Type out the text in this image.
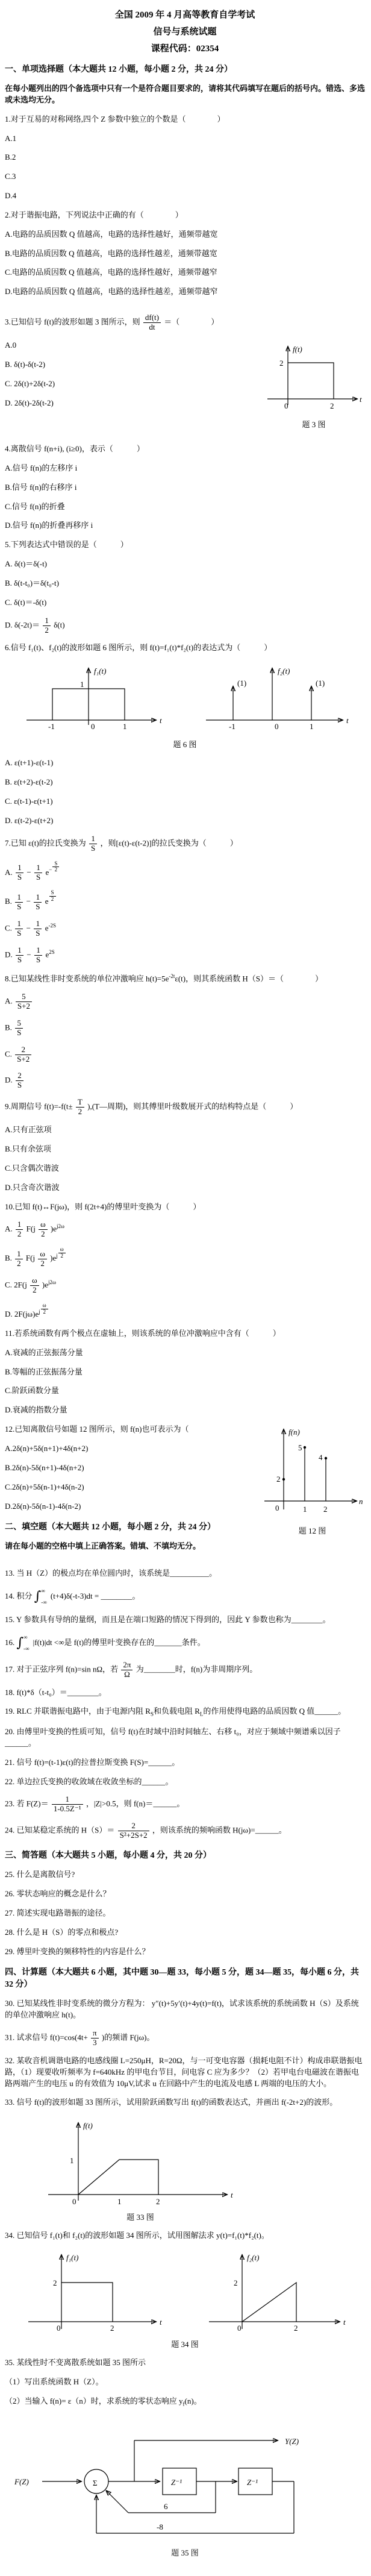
全国 2009 年 4 月高等教育自学考试
信号与系统试题
课程代码：02354
一、单项选择题（本大题共 12 小题，每小题 2 分，共 24 分）
在每小题列出的四个备选项中只有一个是符合题目要求的，请将其代码填写在题后的括号内。错选、多选或未选均无分。
1.对于互易的对称网络,四个 Z 参数中独立的个数是（　　　　）
A.1
B.2
C.3
D.4
2.对于谐振电路，下列说法中正确的有（　　　　）
A.电路的品质因数 Q 值越高，电路的选择性越好，通频带越宽
B.电路的品质因数 Q 值越高，电路的选择性越差，通频带越宽
C.电路的品质因数 Q 值越高，电路的选择性越好，通频带越窄
D.电路的品质因数 Q 值越高，电路的选择性越差，通频带越窄
3.已知信号 f(t)的波形如题 3 图所示，则 $\frac{df(t)}{dt}$ ＝（　　　　）
f(t)
2
0	2
t
题 3 图
A.0
B. δ(t)-δ(t-2)
C. 2δ(t)+2δ(t-2)
D. 2δ(t)-2δ(t-2)
4.离散信号 f(n+i), (i≥0)，表示（　　　）
A.信号 f(n)的左移序 i
B.信号 f(n)的右移序 i
C.信号 f(n)的折叠
D.信号 f(n)的折叠再移序 i
5.下列表达式中错误的是（　　　）
A. δ(t)＝δ(-t)
B. δ(t-t₀)＝δ(t₀-t)
C. δ(t)＝-δ(t)
D. $\delta(-2t)= \frac{1}{2} \delta(t)$
6.信号 f₁(t)、f₂(t)的波形如题 6 图所示，则 f(t)=f₁(t)*f₂(t)的表达式为（　　　）
f₁(t)
1
-1	0	1
t
f₂(t)
(1)	(1)
-1	0	1
t
题 6 图
A. ε(t+1)-ε(t-1)
B. ε(t+2)-ε(t-2)
C. ε(t-1)-ε(t+1)
D. ε(t-2)-ε(t+2)
7.已知 ε(t)的拉氏变换为 $\frac{1}{S}$ ，则[ε(t)-ε(t-2)]的拉氏变换为（　　　）
A. $\frac{1}{S} - \frac{1}{S} e^{- \frac{S}{2}}$
B. $\frac{1}{S} - \frac{1}{S}$ e $^{\frac{S}{2}}$
C. $\frac{1}{S} - \frac{1}{S} e^{-2S}$
D. $\frac{1}{S} - \frac{1}{S} e^{2S}$
8.已知某线性非时变系统的单位冲激响应 $h(t)=5e^{-2t}\varepsilon(t)$，则其系统函数 H（S）＝（　　　　）
A. $\frac{5}{S+2}$
B. $\frac{5}{S}$
C. $\frac{2}{S+2}$
D. $\frac{2}{S}$
9.周期信号 $f(t)=-f(t\pm \frac{T}{2}$ ),(T—周期)，则其傅里叶级数展开式的结构特点是（　　　）
A.只有正弦项
B.只有余弦项
C.只含偶次谐波
D.只含奇次谐波
10.已知 f(t)↔F(jω)，则 f(2t+4)的傅里叶变换为（　　　）
A. $\frac{1}{2} F(j \frac{\omega}{2} )e^{j2\omega}$
B. $\frac{1}{2} F(j \frac{\omega}{2} )e^{j \frac{\omega}{2}}$
C. $2F(j \frac{\omega}{2} )e^{j2\omega}$
D. $2F(j\omega)e^{j \frac{\omega}{2}}$
11.若系统函数有两个极点在虚轴上，则该系统的单位冲激响应中含有（　　　）
A.衰减的正弦振荡分量
B.等幅的正弦振荡分量
C.阶跃函数分量
D.衰减的指数分量
f(n)
5
4
2
0	1 2
n
题 12 图
12.已知离散信号如题 12 图所示，则 f(n)也可表示为（
A.2δ(n)+5δ(n+1)+4δ(n+2)
B.2δ(n)-5δ(n+1)-4δ(n+2)
C.2δ(n)+5δ(n-1)+4δ(n-2)
D.2δ(n)-5δ(n-1)-4δ(n-2)
二、填空题（本大题共 12 小题，每小题 2 分，共 24 分）
请在每小题的空格中填上正确答案。错填、不填均无分。
13. 当 H（Z）的极点均在单位圆内时，该系统是__________。
14. 积分 ∫ ∞
-∞
(t+4)δ(-t-3)dt = ________。
15. Y 参数具有导纳的量纲，而且是在端口短路的情况下得到的，因此 Y 参数也称为________。
16. ∫ ∞
-∞
|f(t)|dt <∞是 f(t)的傅里叶变换存在的_______条件。
17. 对于正弦序列 f(n)=sin nΩ，若 $\frac{2\pi}{\Omega}$ 为________时，f(n)为非周期序列。
18. f(t)*δ（t-t₀）＝________。
19. RLC 并联谐振电路中，由于电源内阻 $R_S$和负载电阻 $R_L$的作用使得电路的品质因数 Q 值______。
20. 由傅里叶变换的性质可知，信号 f(t)在时域中沿时间轴左、右移 t₀，对应于频域中频谱乘以因子______。
21. 信号 f(t)=(t-1)ε(t)的拉普拉斯变换 F(S)=______。
22. 单边拉氏变换的收敛域在收敛坐标的______。
23. 若 $F(Z)= \frac{1}{\text{1-0.5Z⁻¹}}$ ，|Z|>0.5，则 f(n)＝______。
24. 已知某稳定系统的 $H(S)= \frac{2}{\text{S²+2S+2}}$ ，则该系统的频响函数 H(jω)=______。
三、简答题（本大题共 5 小题，每小题 4 分，共 20 分）
25. 什么是离散信号?
26. 零状态响应的概念是什么？
27. 简述实现电路谐振的途径。
28. 什么是 H（S）的零点和极点?
29. 傅里叶变换的频移特性的内容是什么？
四、计算题（本大题共 6 小题，其中题 30—题 33，每小题 5 分，题 34—题 35，每小题 6 分，共 32 分）
30. 已知某线性非时变系统的微分方程为： y″(t)+5y′(t)+4y(t)=f(t)，试求该系统的系统函数 H（S）及系统的单位冲激响应 h(t)。
31. 试求信号 $f(t)=\cos(4t+ \frac{\pi}{3}$ )的频谱 F(jω)。
32. 某收音机调谐电路的电感线圈 L=250μH，R=20Ω，与一可变电容器（损耗电阻不计）构成串联谐振电路，（1）现要收听频率为 f=640kHz 的甲电台节目，问电容 C 应为多少？（2）若甲电台电磁波在谐振电路两端产生的电压 u 的有效值为 10μV,试求 u 在回路中产生的电流及电感 L 两端的电压的大小。
33. 信号 f(t)的波形如题 33 图所示，试用阶跃函数写出 f(t)的函数表达式，并画出 f(-2t+2)的波形。
f(t)
1
0	1	2
t
题 33 图
34. 已知信号 f₁(t)和 f₂(t)的波形如题 34 图所示，试用图解法求 y(t)=f₁(t)*f₂(t)。
f₁(t)
2
0	2
t
f₂(t)
2
0	2
t
题 34 图
35. 某线性时不变离散系统如题 35 图所示
（1）写出系统函数 H（Z）。
（2）当输入 f(n)= ε（n）时，求系统的零状态响应 $y_f(n)$。
F(Z)	Σ
Y(Z)
Z⁻¹	Z⁻¹
6
-8
题 35 图
